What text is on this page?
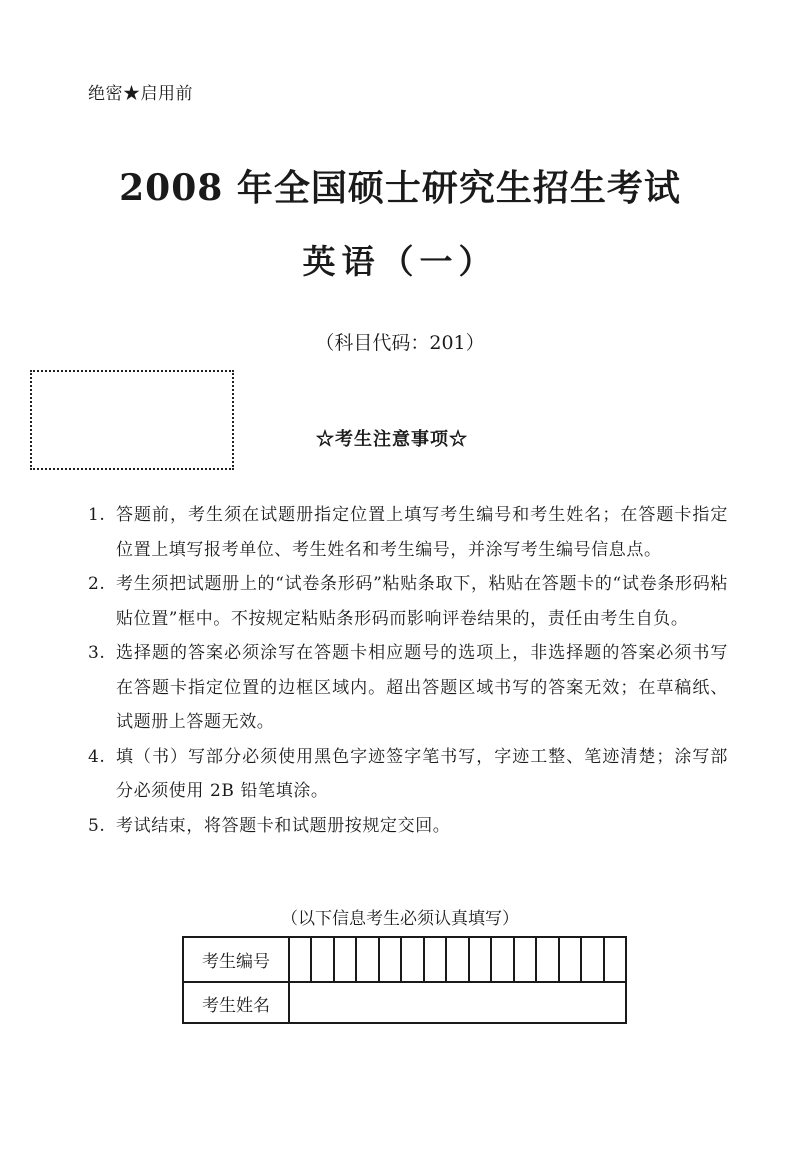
绝密★启用前
2008 年全国硕士研究生招生考试
英语（一）
（科目代码：201）
☆考生注意事项☆
1. 答题前，考生须在试题册指定位置上填写考生编号和考生姓名；在答题卡指定位置上填写报考单位、考生姓名和考生编号，并涂写考生编号信息点。
2. 考生须把试题册上的“试卷条形码”粘贴条取下，粘贴在答题卡的“试卷条形码粘贴位置”框中。不按规定粘贴条形码而影响评卷结果的，责任由考生自负。
3. 选择题的答案必须涂写在答题卡相应题号的选项上，非选择题的答案必须书写在答题卡指定位置的边框区域内。超出答题区域书写的答案无效；在草稿纸、试题册上答题无效。
4. 填（书）写部分必须使用黑色字迹签字笔书写，字迹工整、笔迹清楚；涂写部分必须使用 2B 铅笔填涂。
5. 考试结束，将答题卡和试题册按规定交回。
（以下信息考生必须认真填写）
考生编号
考生姓名
